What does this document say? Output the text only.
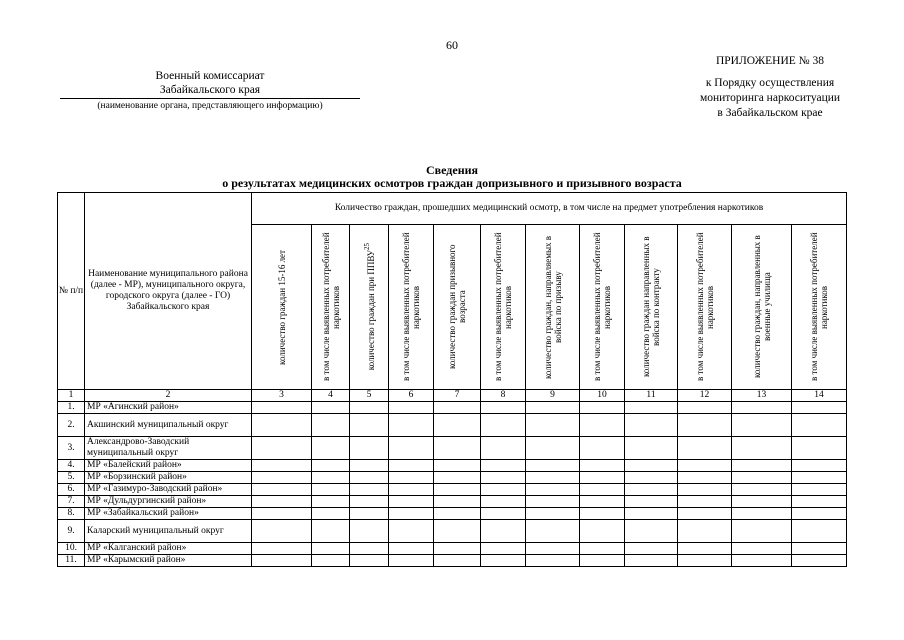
60
ПРИЛОЖЕНИЕ № 38
к Порядку осуществления
мониторинга наркоситуации
в Забайкальском крае
Военный комиссариат
Забайкальского края
(наименование органа, представляющего информацию)
Сведения
о результатах медицинских осмотров граждан допризывного и призывного возраста
№ п/п	Наименование муниципального района (далее - МР), муниципального округа, городского округа (далее - ГО) Забайкальского края	Количество граждан, прошедших медицинский осмотр, в том числе на предмет употребления наркотиков											

		количество граждан 15-16 лет	в том числе выявленных потребителей наркотиков	количество граждан при ППВУ$^{25}$	в том числе выявленных потребителей наркотиков	количество граждан призывного возраста	в том числе выявленных потребителей наркотиков	количество граждан, направляемых в войска по призыву	в том числе выявленных потребителей наркотиков	количество граждан направленных в войска по контракту	в том числе выявленных потребителей наркотиков	количество граждан, направленных в военные училища	в том числе выявленных потребителей наркотиков

1	2	3	4	5	6	7	8	9	10	11	12	13	14
1.	МР «Агинский район»												
2.	Акшинский муниципальный округ												
3.	Александрово-Заводский муниципальный округ												
4.	МР «Балейский район»												
5.	МР «Борзинский район»												
6.	МР «Газимуро-Заводский район»												
7.	МР «Дульдургинский район»												
8.	МР «Забайкальский район»												
9.	Каларский муниципальный округ												
10.	МР «Калганский район»												
11.	МР «Карымский район»												
